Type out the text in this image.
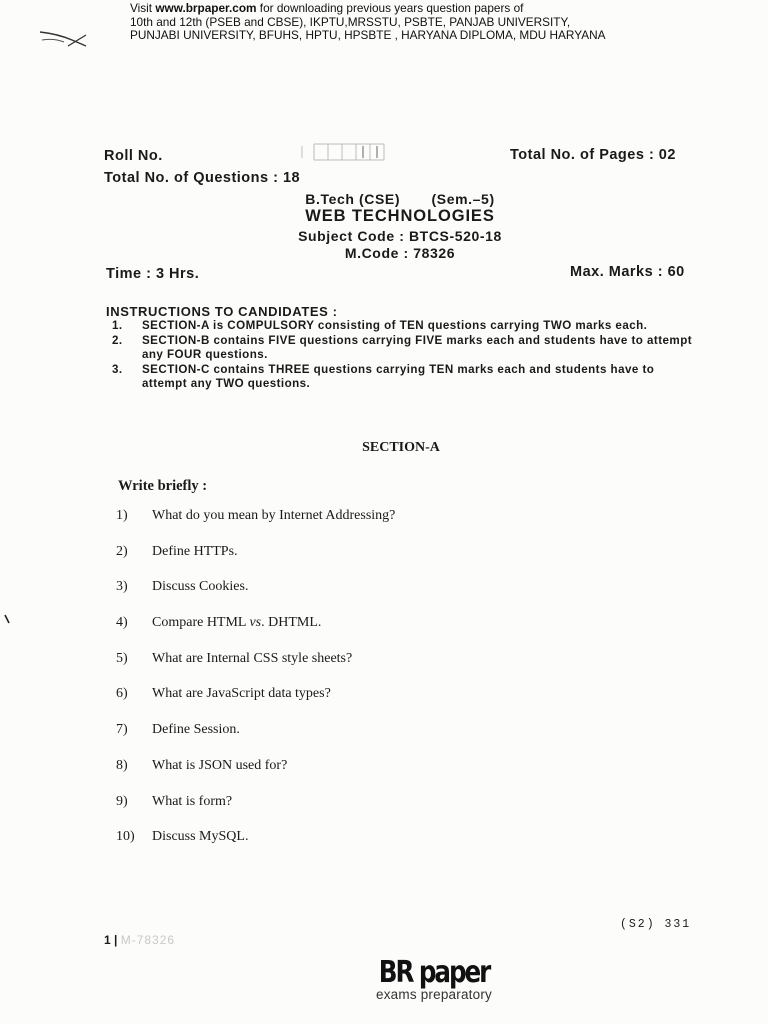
Visit www.brpaper.com for downloading previous years question papers of
10th and 12th (PSEB and CBSE), IKPTU,MRSSTU, PSBTE, PANJAB UNIVERSITY,
PUNJABI UNIVERSITY, BFUHS, HPTU, HPSBTE , HARYANA DIPLOMA, MDU HARYANA
Roll No.	Total No. of Pages : 02
Total No. of Questions : 18
B.Tech (CSE)       (Sem.–5)
WEB TECHNOLOGIES
Subject Code : BTCS-520-18
M.Code : 78326
Time : 3 Hrs.	Max. Marks : 60
INSTRUCTIONS TO CANDIDATES :
1.	SECTION-A is COMPULSORY consisting of TEN questions carrying TWO marks each.
2.	SECTION-B contains FIVE questions carrying FIVE marks each and students have to attempt any FOUR questions.
3.	SECTION-C contains THREE questions carrying TEN marks each and students have to attempt any TWO questions.
SECTION-A
Write briefly :
1)	What do you mean by Internet Addressing?
2)	Define HTTPs.
3)	Discuss Cookies.
4)	Compare HTML vs. DHTML.
5)	What are Internal CSS style sheets?
6)	What are JavaScript data types?
7)	Define Session.
8)	What is JSON used for?
9)	What is form?
10)	Discuss MySQL.
(S2) 331
1 | M-78326
BR paper
exams preparatory
